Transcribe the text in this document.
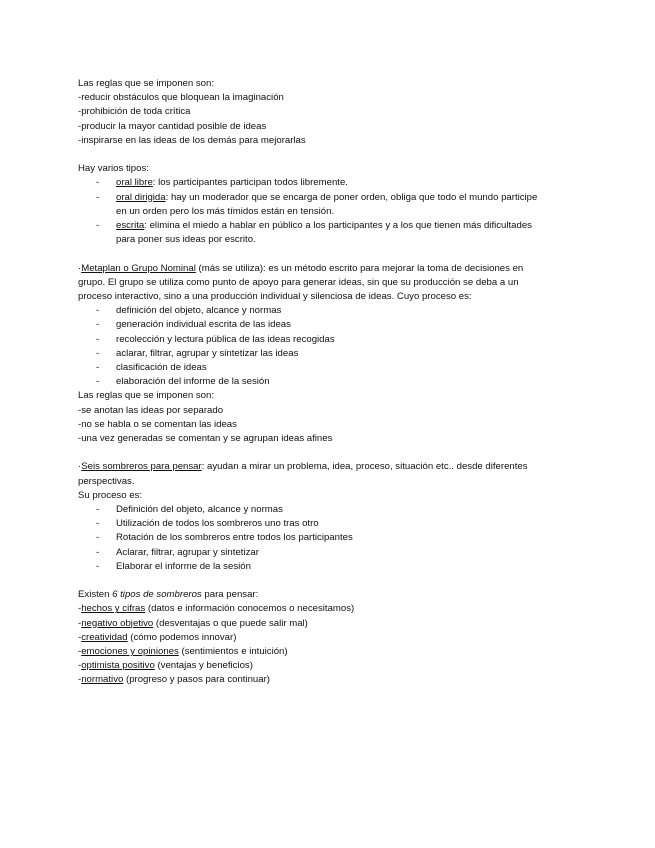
Las reglas que se imponen son:
-reducir obstáculos que bloquean la imaginación
-prohibición de toda crítica
-producir la mayor cantidad posible de ideas
-inspirarse en las ideas de los demás para mejorarlas
Hay varios tipos:
-	oral libre: los participantes participan todos libremente.
-	oral dirigida: hay un moderador que se encarga de poner orden, obliga que todo el mundo participe en un orden pero los más tímidos están en tensión.
-	escrita: elimina el miedo a hablar en público a los participantes y a los que tienen más dificultades para poner sus ideas por escrito.
·Metaplan o Grupo Nominal (más se utiliza): es un método escrito para mejorar la toma de decisiones en grupo. El grupo se utiliza como punto de apoyo para generar ideas, sin que su producción se deba a un proceso interactivo, sino a una producción individual y silenciosa de ideas. Cuyo proceso es:
-	definición del objeto, alcance y normas
-	generación individual escrita de las ideas
-	recolección y lectura pública de las ideas recogidas
-	aclarar, filtrar, agrupar y sintetizar las ideas
-	clasificación de ideas
-	elaboración del informe de la sesión
Las reglas que se imponen son:
-se anotan las ideas por separado
-no se habla o se comentan las ideas
-una vez generadas se comentan y se agrupan ideas afines
·Seis sombreros para pensar: ayudan a mirar un problema, idea, proceso, situación etc.. desde diferentes perspectivas.
Su proceso es:
-	Definición del objeto, alcance y normas
-	Utilización de todos los sombreros uno tras otro
-	Rotación de los sombreros entre todos los participantes
-	Aclarar, filtrar, agrupar y sintetizar
-	Elaborar el informe de la sesión
Existen 6 tipos de sombreros para pensar:
-hechos y cifras (datos e información conocemos o necesitamos)
-negativo objetivo (desventajas o que puede salir mal)
-creatividad (cómo podemos innovar)
-emociones y opiniones (sentimientos e intuición)
-optimista positivo (ventajas y beneficios)
-normativo (progreso y pasos para continuar)
